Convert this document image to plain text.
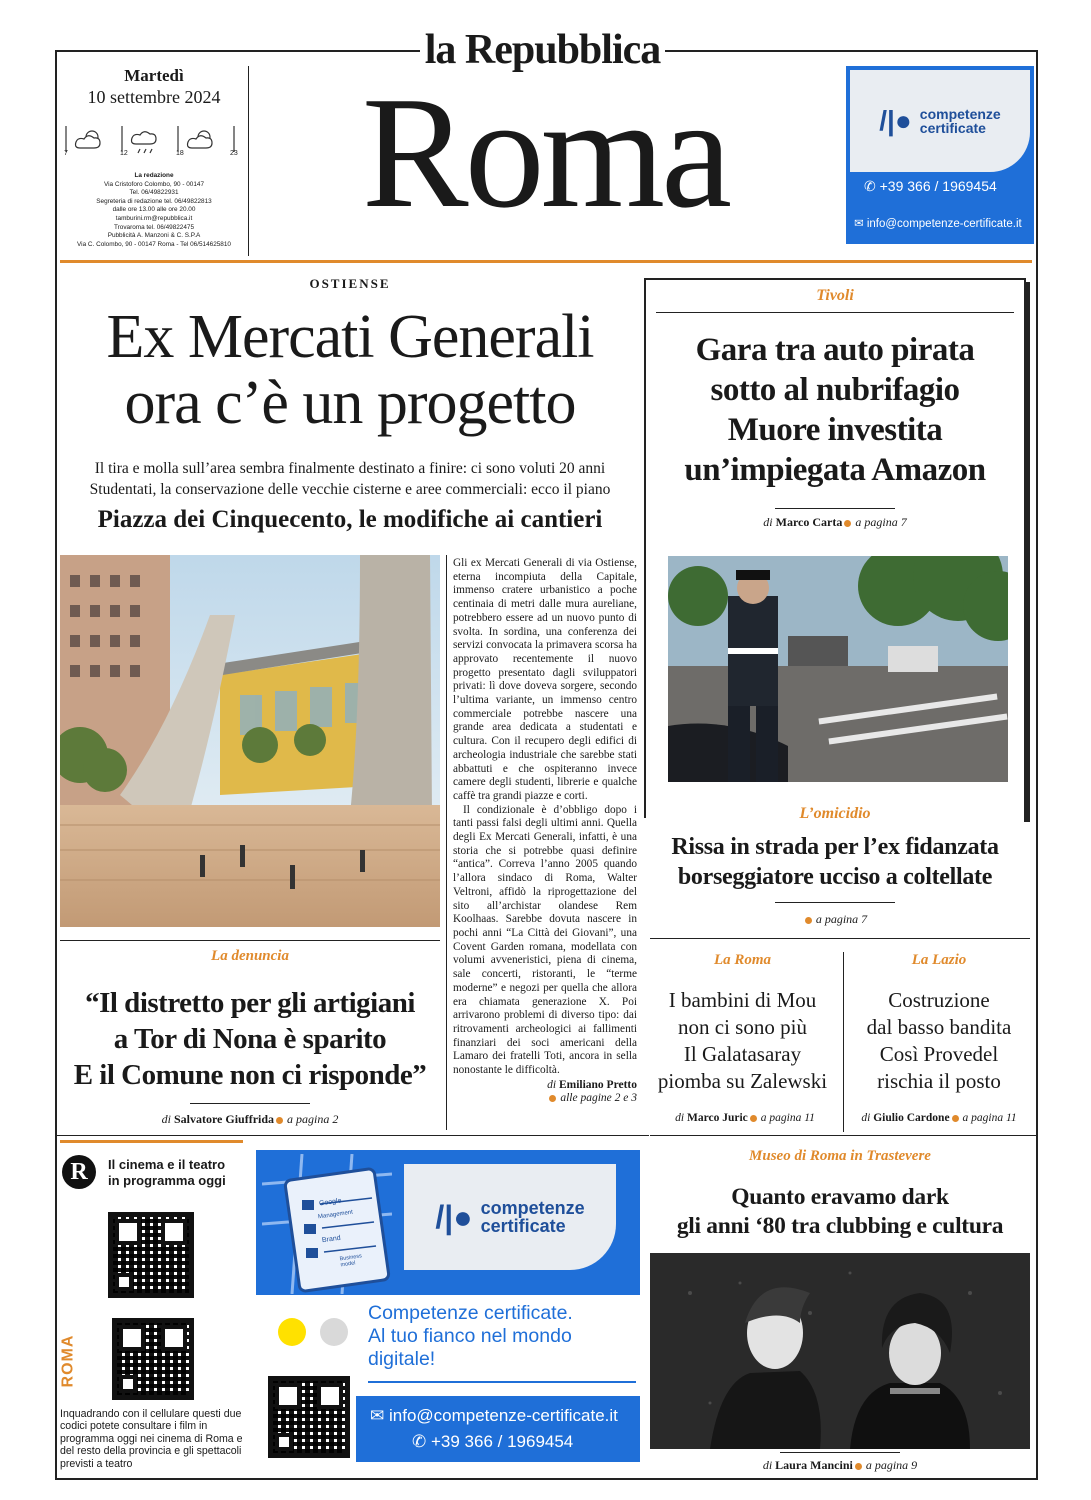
la Repubblica
Roma
Martedì
10 settembre 2024
7	12	18	23
La redazione
Via Cristoforo Colombo, 90 - 00147
Tel. 06/49822931
Segreteria di redazione tel. 06/49822813
dalle ore 13.00 alle ore 20.00
tamburini.rm@repubblica.it
Trovaroma tel. 06/49822475
Pubblicità A. Manzoni & C. S.P.A
Via C. Colombo, 90 - 00147 Roma - Tel 06/514625810
/|● competenze
certificate
✆ +39 366 / 1969454
✉ info@competenze-certificate.it
OSTIENSE
Ex Mercati Generali
ora c’è un progetto
Il tira e molla sull’area sembra finalmente destinato a finire: ci sono voluti 20 anni
Studentati, la conservazione delle vecchie cisterne e aree commerciali: ecco il piano
Piazza dei Cinquecento, le modifiche ai cantieri

Gli ex Mercati Generali di via Ostiense, eterna incompiuta della Capitale, immenso cratere urbanistico a poche centinaia di metri dalle mura aureliane, potrebbero essere ad un nuovo punto di svolta. In sordina, una conferenza dei servizi convocata la primavera scorsa ha approvato recentemente il nuovo progetto presentato dagli sviluppatori privati: lì dove doveva sorgere, secondo l’ultima variante, un immenso centro commerciale potrebbe nascere una grande area dedicata a studentati e cultura. Con il recupero degli edifici di archeologia industriale che sarebbe stati abbattuti e che ospiteranno invece camere degli studenti, librerie e qualche caffè tra grandi piazze e corti.

Il condizionale è d’obbligo dopo i tanti passi falsi degli ultimi anni. Quella degli Ex Mercati Generali, infatti, è una storia che si potrebbe quasi definire “antica”. Correva l’anno 2005 quando l’allora sindaco di Roma, Walter Veltroni, affidò la riprogettazione del sito all’archistar olandese Rem Koolhaas. Sarebbe dovuta nascere in pochi anni “La Città dei Giovani”, una Covent Garden romana, modellata con volumi avveneristici, piena di cinema, sale concerti, ristoranti, le “terme moderne” e negozi per quella che allora era chiamata generazione X. Poi arrivarono problemi di diverso tipo: dai ritrovamenti archeologici ai fallimenti finanziari dei soci americani della Lamaro dei fratelli Toti, ancora in sella nonostante le difficoltà.

di Emiliano Pretto
alle pagine 2 e 3
La denuncia
“Il distretto per gli artigiani
a Tor di Nona è sparito
E il Comune non ci risponde”
di Salvatore Giuffrida a pagina 2
Tivoli
Gara tra auto pirata
sotto al nubrifagio
Muore investita
un’impiegata Amazon
di Marco Carta a pagina 7
L’omicidio
Rissa in strada per l’ex fidanzata
borseggiatore ucciso a coltellate
a pagina 7
La Roma
I bambini di Mou
non ci sono più
Il Galatasaray
piomba su Zalewski
di Marco Juric a pagina 11
La Lazio
Costruzione
dal basso bandita
Così Provedel
rischia il posto
di Giulio Cardone a pagina 11
R	Il cinema e il teatro
in programma oggi
ROMA
Inquadrando con il cellulare questi due codici potete consultare i film in programma oggi nei cinema di Roma e del resto della provincia e gli spettacoli previsti a teatro
Google
Management
Brand
Business model
/|● competenze
certificate
Competenze certificate.
Al tuo fianco nel mondo
digitale!
✉ info@competenze-certificate.it
✆ +39 366 / 1969454
Museo di Roma in Trastevere
Quanto eravamo dark
gli anni ‘80 tra clubbing e cultura
di Laura Mancini a pagina 9
